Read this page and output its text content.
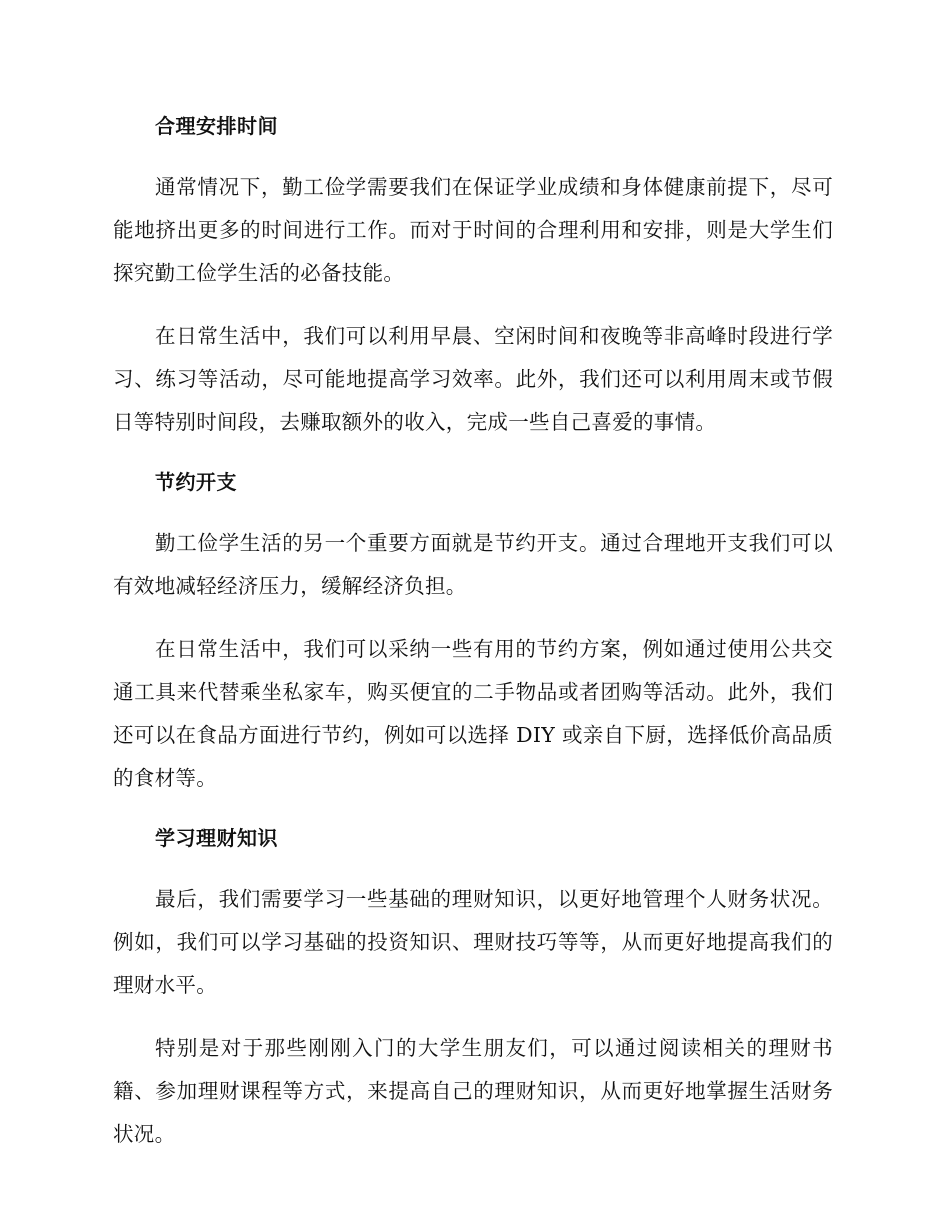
合理安排时间

通常情况下，勤工俭学需要我们在保证学业成绩和身体健康前提下，尽可能地挤出更多的时间进行工作。而对于时间的合理利用和安排，则是大学生们探究勤工俭学生活的必备技能。

在日常生活中，我们可以利用早晨、空闲时间和夜晚等非高峰时段进行学习、练习等活动，尽可能地提高学习效率。此外，我们还可以利用周末或节假日等特别时间段，去赚取额外的收入，完成一些自己喜爱的事情。

节约开支

勤工俭学生活的另一个重要方面就是节约开支。通过合理地开支我们可以有效地减轻经济压力，缓解经济负担。

在日常生活中，我们可以采纳一些有用的节约方案，例如通过使用公共交通工具来代替乘坐私家车，购买便宜的二手物品或者团购等活动。此外，我们还可以在食品方面进行节约，例如可以选择 DIY 或亲自下厨，选择低价高品质的食材等。

学习理财知识

最后，我们需要学习一些基础的理财知识，以更好地管理个人财务状况。例如，我们可以学习基础的投资知识、理财技巧等等，从而更好地提高我们的理财水平。

特别是对于那些刚刚入门的大学生朋友们，可以通过阅读相关的理财书籍、参加理财课程等方式，来提高自己的理财知识，从而更好地掌握生活财务状况。
